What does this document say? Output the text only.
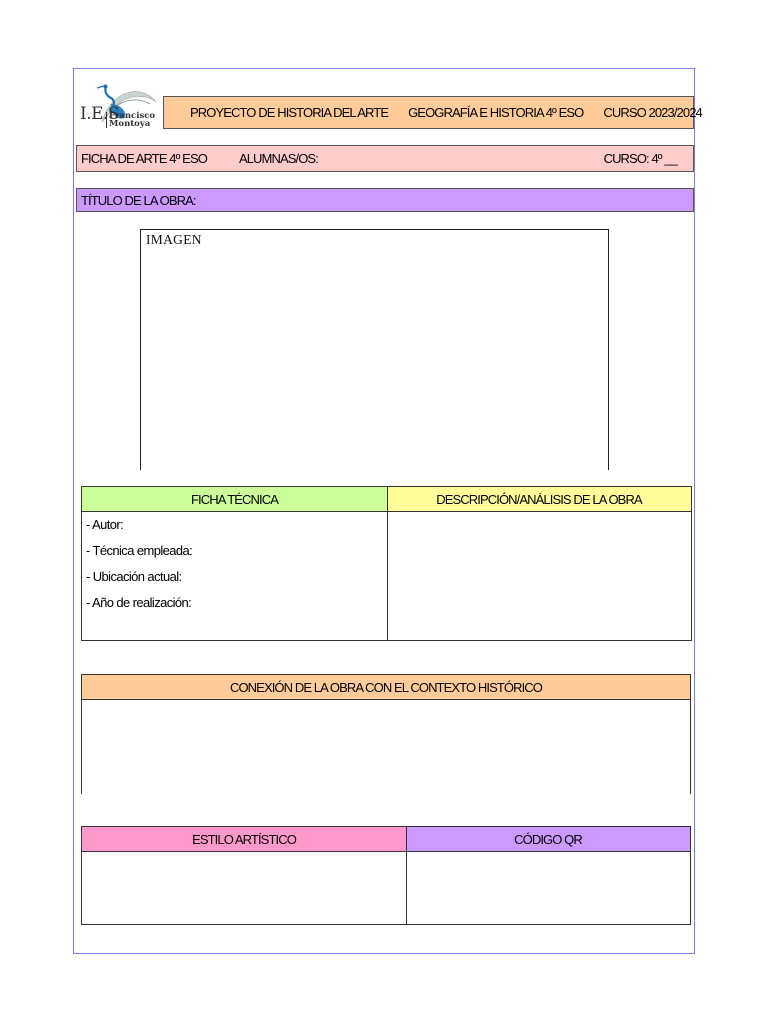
I.E.S
Francisco
Montoya
PROYECTO DE HISTORIA DEL ARTE GEOGRAFÍA E HISTORIA 4º ESO CURSO 2023/2024
FICHA DE ARTE 4º ESO ALUMNAS/OS:	CURSO: 4º __
TÍTULO DE LA OBRA:
IMAGEN
FICHA TÉCNICA	DESCRIPCIÓN/ANÁLISIS DE LA OBRA
- Autor:
- Técnica empleada:
- Ubicación actual:
- Año de realización:
CONEXIÓN DE LA OBRA CON EL CONTEXTO HISTÓRICO
ESTILO ARTÍSTICO	CÓDIGO QR
